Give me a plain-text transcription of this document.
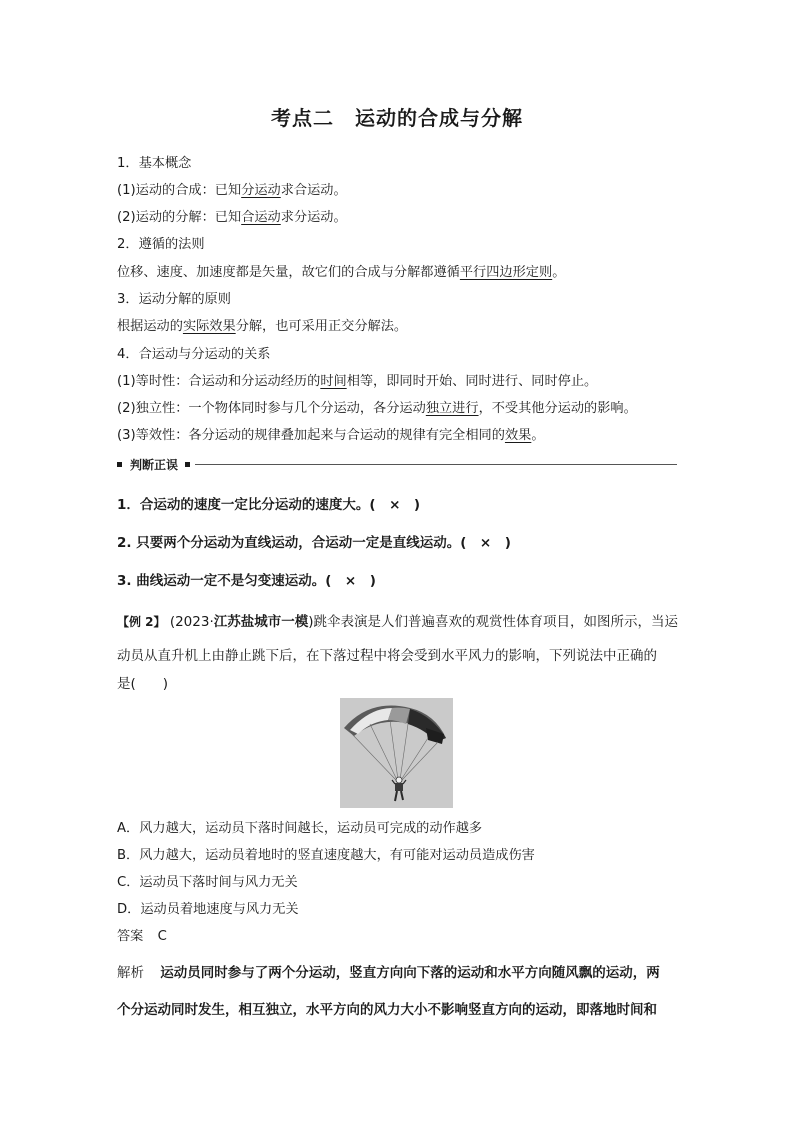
考点二　运动的合成与分解
1．基本概念
(1)运动的合成：已知分运动求合运动。
(2)运动的分解：已知合运动求分运动。
2．遵循的法则
位移、速度、加速度都是矢量，故它们的合成与分解都遵循平行四边形定则。
3．运动分解的原则
根据运动的实际效果分解，也可采用正交分解法。
4．合运动与分运动的关系
(1)等时性：合运动和分运动经历的时间相等，即同时开始、同时进行、同时停止。
(2)独立性：一个物体同时参与几个分运动，各分运动独立进行，不受其他分运动的影响。
(3)等效性：各分运动的规律叠加起来与合运动的规律有完全相同的效果。
判断正误
1．合运动的速度一定比分运动的速度大。(　×　)
2. 只要两个分运动为直线运动，合运动一定是直线运动。(　×　)
3. 曲线运动一定不是匀变速运动。(　×　)
【例 2】 (2023·江苏盐城市一模)跳伞表演是人们普遍喜欢的观赏性体育项目，如图所示，当运
动员从直升机上由静止跳下后，在下落过程中将会受到水平风力的影响，下列说法中正确的
是(　　)
A．风力越大，运动员下落时间越长，运动员可完成的动作越多
B．风力越大，运动员着地时的竖直速度越大，有可能对运动员造成伤害
C．运动员下落时间与风力无关
D．运动员着地速度与风力无关
答案 C
解析 运动员同时参与了两个分运动，竖直方向向下落的运动和水平方向随风飘的运动，两
个分运动同时发生，相互独立，水平方向的风力大小不影响竖直方向的运动，即落地时间和
